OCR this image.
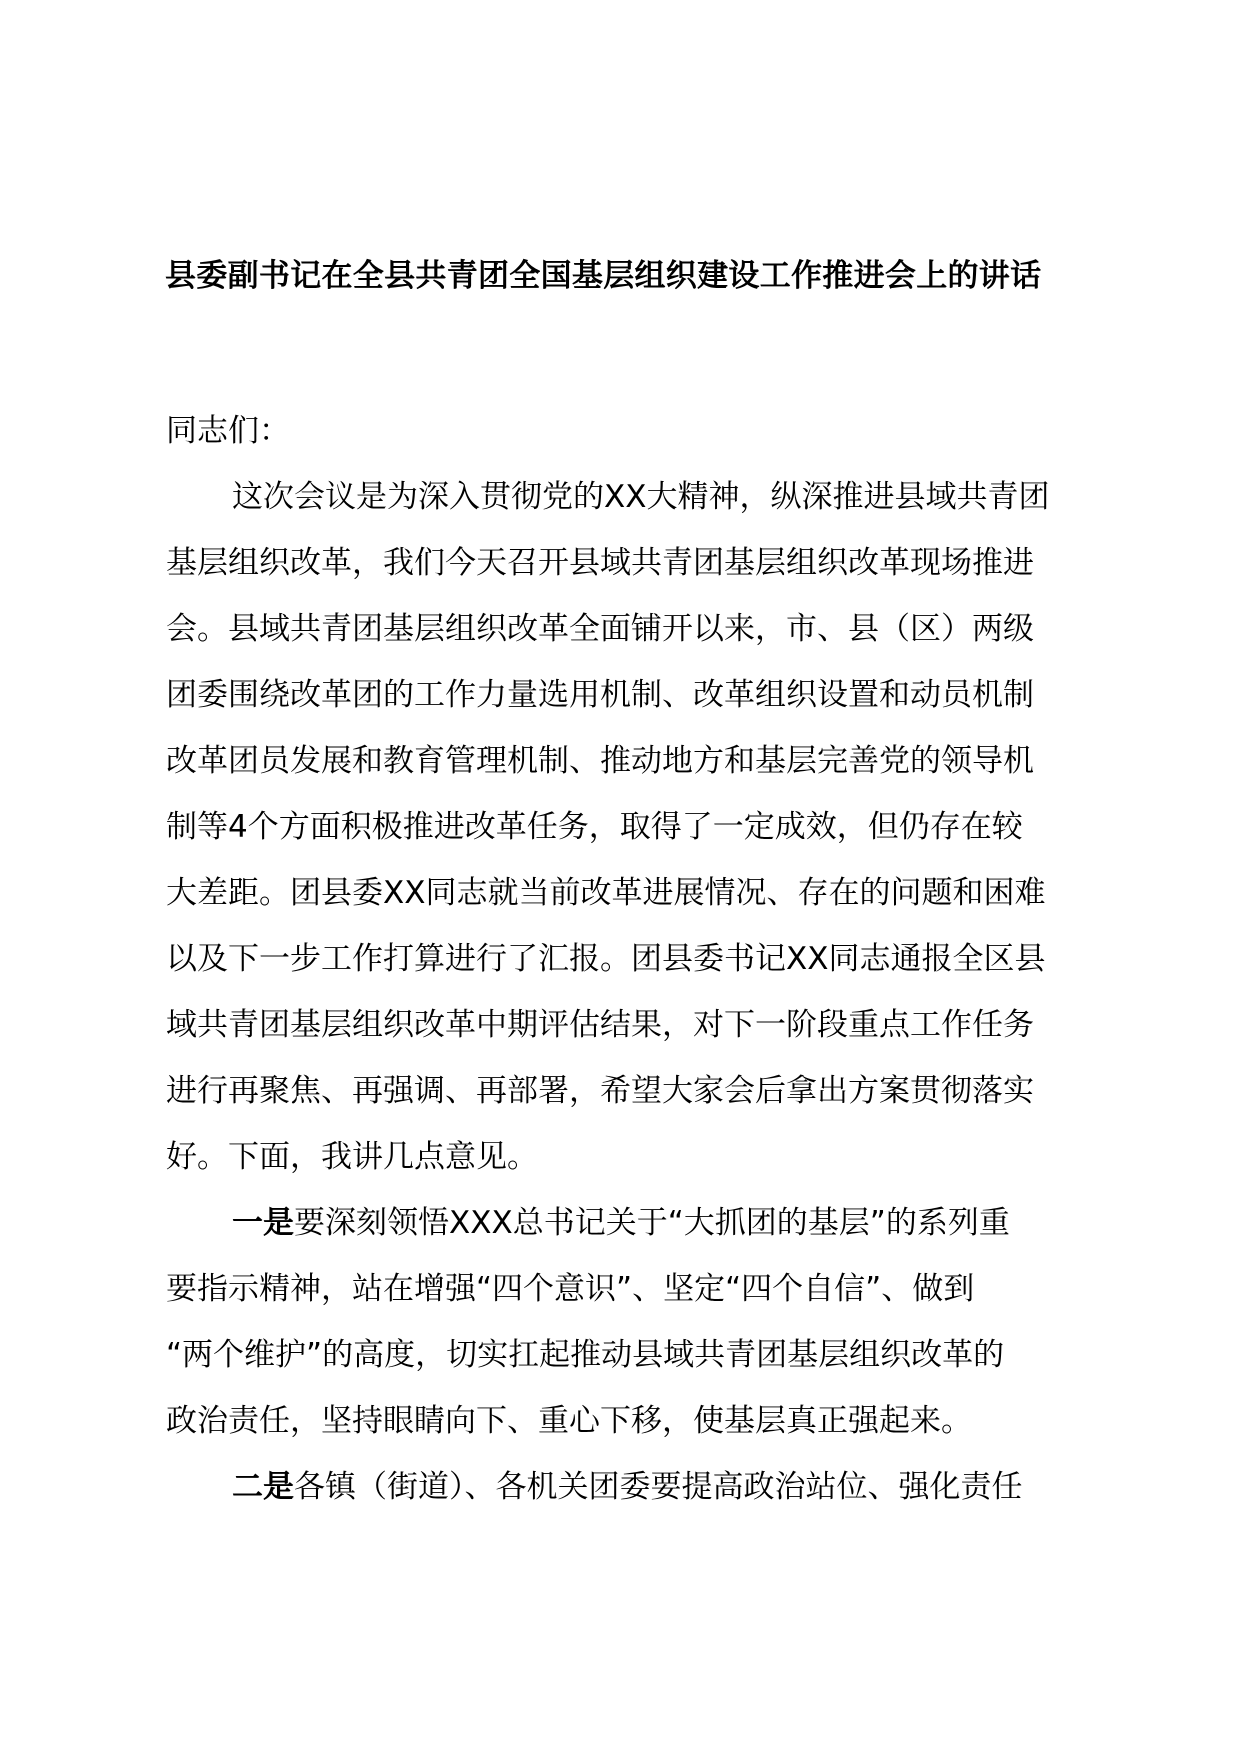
县委副书记在全县共青团全国基层组织建设工作推进会上的讲话

同志们：

这次会议是为深入贯彻党的XX大精神，纵深推进县域共青团
基层组织改革，我们今天召开县域共青团基层组织改革现场推进
会。县域共青团基层组织改革全面铺开以来，市、县（区）两级
团委围绕改革团的工作力量选用机制、改革组织设置和动员机制
改革团员发展和教育管理机制、推动地方和基层完善党的领导机
制等4个方面积极推进改革任务，取得了一定成效，但仍存在较
大差距。团县委XX同志就当前改革进展情况、存在的问题和困难
以及下一步工作打算进行了汇报。团县委书记XX同志通报全区县
域共青团基层组织改革中期评估结果，对下一阶段重点工作任务
进行再聚焦、再强调、再部署，希望大家会后拿出方案贯彻落实
好。下面，我讲几点意见。

一是要深刻领悟XXX总书记关于“大抓团的基层”的系列重
要指示精神，站在增强“四个意识”、坚定“四个自信”、做到
“两个维护”的高度，切实扛起推动县域共青团基层组织改革的
政治责任，坚持眼睛向下、重心下移，使基层真正强起来。

二是各镇（街道）、各机关团委要提高政治站位、强化责任
